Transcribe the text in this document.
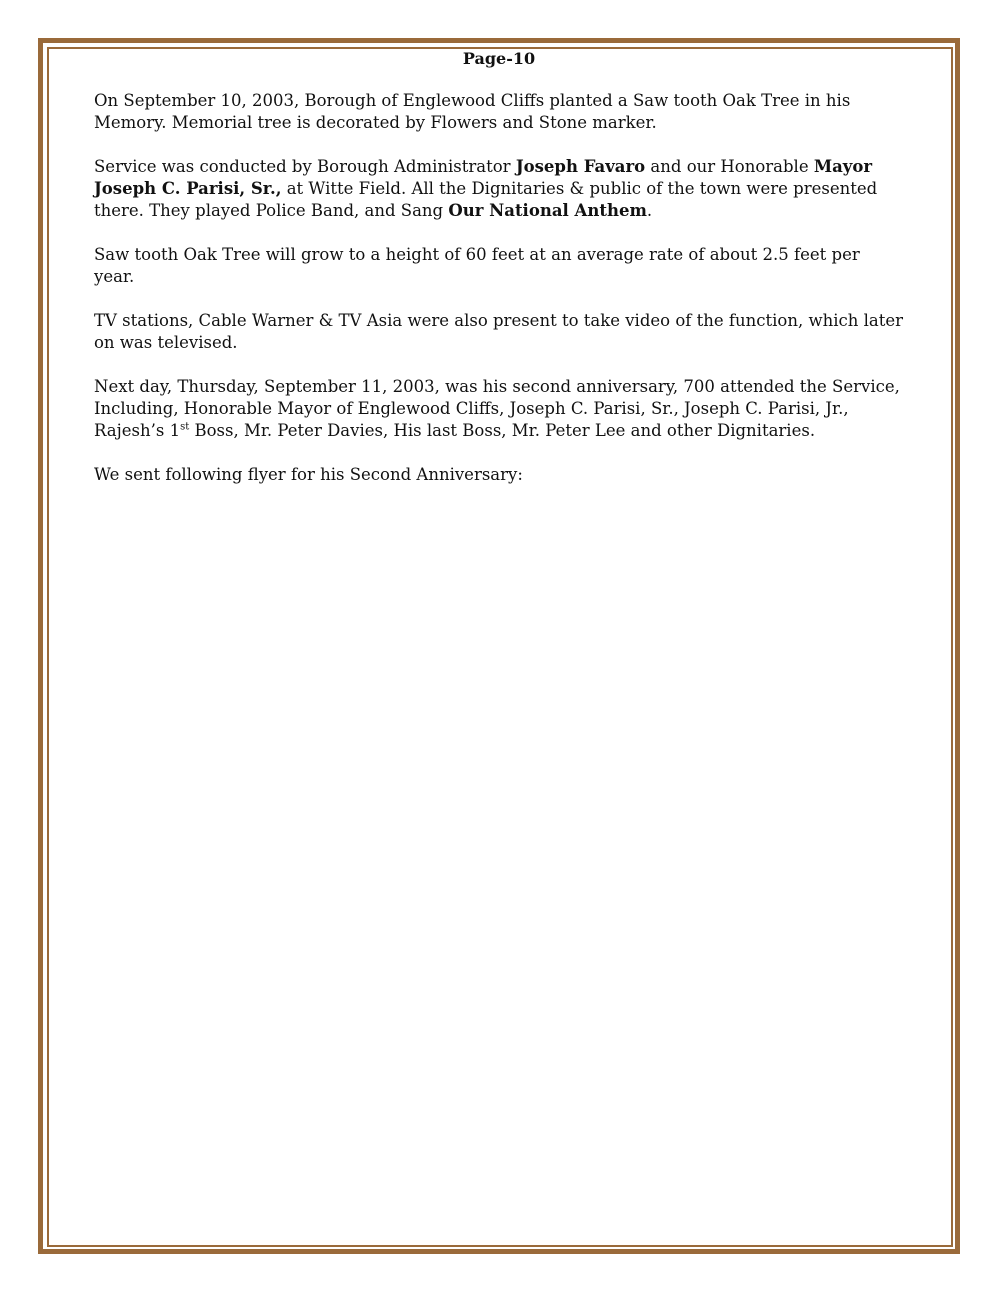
Page-10

On September 10, 2003, Borough of Englewood Cliffs planted a Saw tooth Oak Tree in his Memory. Memorial tree is decorated by Flowers and Stone marker.

Service was conducted by Borough Administrator Joseph Favaro and our Honorable Mayor Joseph C. Parisi, Sr., at Witte Field. All the Dignitaries & public of the town were presented there. They played Police Band, and Sang Our National Anthem.

Saw tooth Oak Tree will grow to a height of 60 feet at an average rate of about 2.5 feet per year.

TV stations, Cable Warner & TV Asia were also present to take video of the function, which later on was televised.

Next day, Thursday, September 11, 2003, was his second anniversary, 700 attended the Service, Including, Honorable Mayor of Englewood Cliffs, Joseph C. Parisi, Sr., Joseph C. Parisi, Jr., Rajesh’s 1st Boss, Mr. Peter Davies, His last Boss, Mr. Peter Lee and other Dignitaries.

We sent following flyer for his Second Anniversary:
